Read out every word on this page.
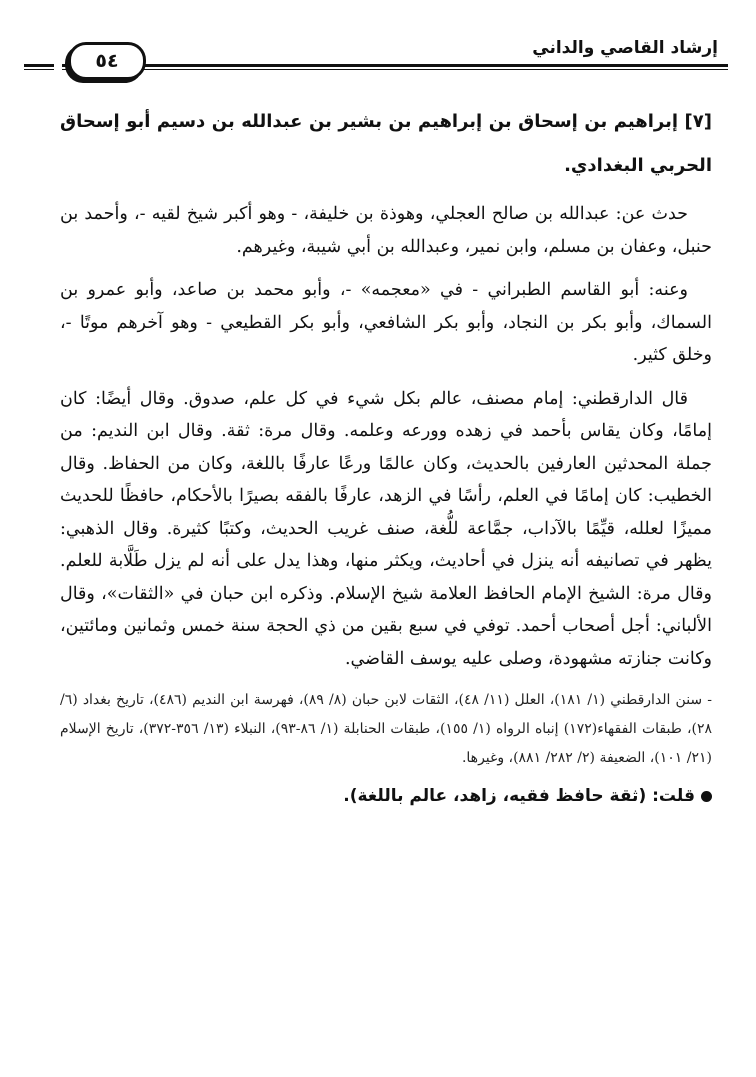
إرشاد القاصي والداني
٥٤

[٧] إبراهيم بن إسحاق بن إبراهيم بن بشير بن عبدالله بن دسيم أبو إسحاق الحربي البغدادي.

حدث عن: عبدالله بن صالح العجلي، وهوذة بن خليفة، - وهو أكبر شيخ لقيه -، وأحمد بن حنبل، وعفان بن مسلم، وابن نمير، وعبدالله بن أبي شيبة، وغيرهم.

وعنه: أبو القاسم الطبراني - في «معجمه» -، وأبو محمد بن صاعد، وأبو عمرو بن السماك، وأبو بكر بن النجاد، وأبو بكر الشافعي، وأبو بكر القطيعي - وهو آخرهم موتًا -، وخلق كثير.

قال الدارقطني: إمام مصنف، عالم بكل شيء في كل علم، صدوق. وقال أيضًا: كان إمامًا، وكان يقاس بأحمد في زهده وورعه وعلمه. وقال مرة: ثقة. وقال ابن النديم: من جملة المحدثين العارفين بالحديث، وكان عالمًا ورعًا عارفًا باللغة، وكان من الحفاظ. وقال الخطيب: كان إمامًا في العلم، رأسًا في الزهد، عارفًا بالفقه بصيرًا بالأحكام، حافظًا للحديث مميزًا لعلله، قيِّمًا بالآداب، جمَّاعة للُّغة، صنف غريب الحديث، وكتبًا كثيرة. وقال الذهبي: يظهر في تصانيفه أنه ينزل في أحاديث، ويكثر منها، وهذا يدل على أنه لم يزل طَلَّابة للعلم. وقال مرة: الشيخ الإمام الحافظ العلامة شيخ الإسلام. وذكره ابن حبان في «الثقات»، وقال الألباني: أجل أصحاب أحمد. توفي في سبع بقين من ذي الحجة سنة خمس وثمانين ومائتين، وكانت جنازته مشهودة، وصلى عليه يوسف القاضي.

- سنن الدارقطني (١/ ١٨١)، العلل (١١/ ٤٨)، الثقات لابن حبان (٨/ ٨٩)، فهرسة ابن النديم (٤٨٦)، تاريخ بغداد (٦/ ٢٨)، طبقات الفقهاء(١٧٢) إنباه الرواه (١/ ١٥٥)، طبقات الحنابلة (١/ ٨٦-٩٣)، النبلاء (١٣/ ٣٥٦-٣٧٢)، تاريخ الإسلام (٢١/ ١٠١)، الضعيفة (٢/ ٢٨٢/ ٨٨١)، وغيرها.

قلت: (ثقة حافظ فقيه، زاهد، عالم باللغة).
